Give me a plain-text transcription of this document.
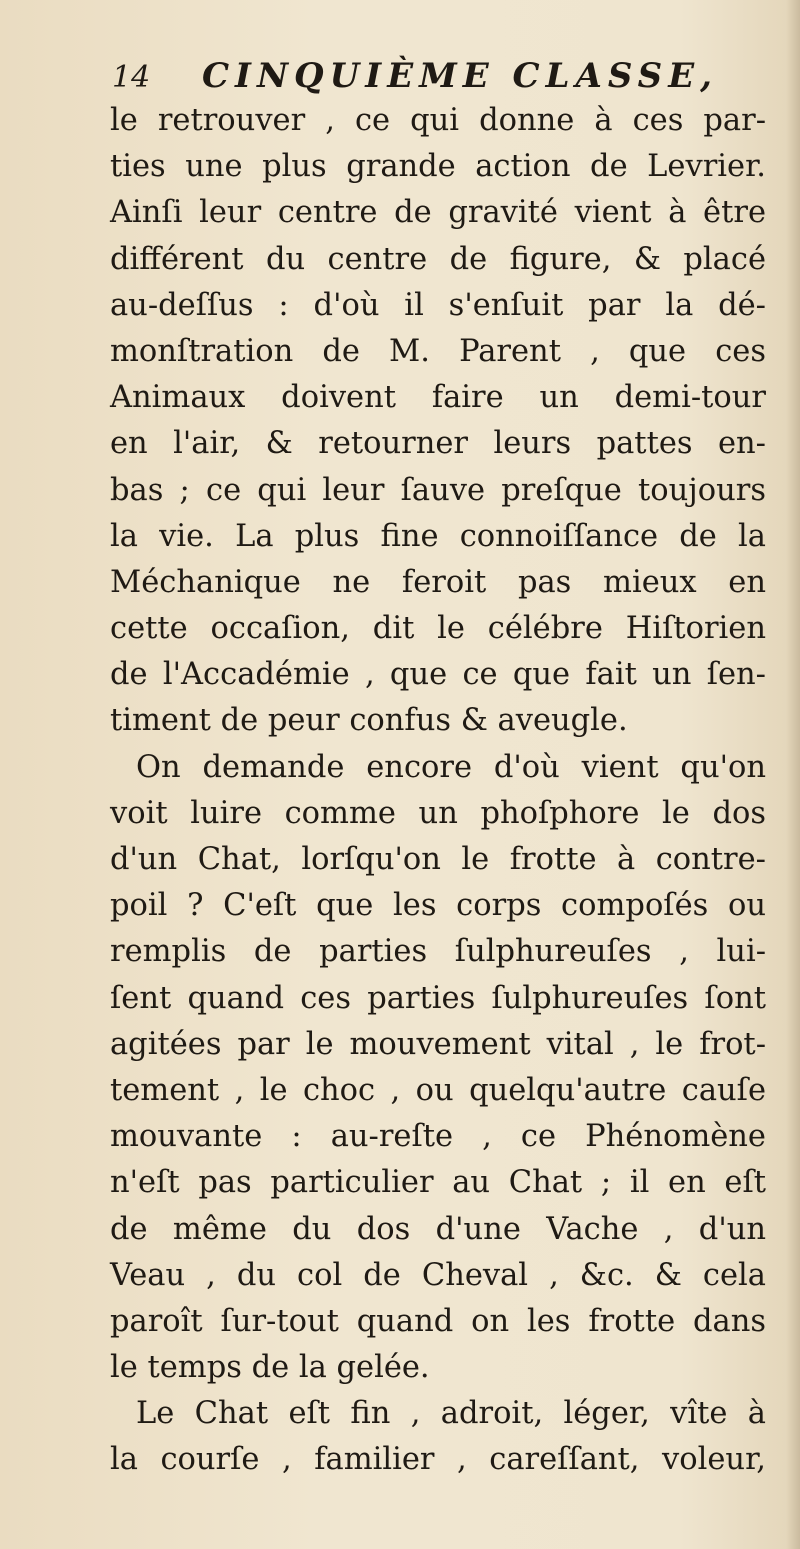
14 CINQUIÈME CLASSE,
le retrouver , ce qui donne à ces par-
ties une plus grande action de Levrier.
Ainſi leur centre de gravité vient à être
différent du centre de figure, & placé
au-deſſus : d'où il s'enſuit par la dé-
monſtration de M. Parent , que ces
Animaux doivent faire un demi-tour
en l'air, & retourner leurs pattes en-
bas ; ce qui leur ſauve preſque toujours
la vie. La plus fine connoiſſance de la
Méchanique ne feroit pas mieux en
cette occaſion, dit le célébre Hiſtorien
de l'Accadémie , que ce que fait un ſen-
timent de peur confus & aveugle.
On demande encore d'où vient qu'on
voit luire comme un phoſphore le dos
d'un Chat, lorſqu'on le frotte à contre-
poil ? C'eſt que les corps compoſés ou
remplis de parties ſulphureuſes , lui-
ſent quand ces parties ſulphureuſes ſont
agitées par le mouvement vital , le frot-
tement , le choc , ou quelqu'autre cauſe
mouvante : au-reſte , ce Phénomène
n'eſt pas particulier au Chat ; il en eſt
de même du dos d'une Vache , d'un
Veau , du col de Cheval , &c. & cela
paroît ſur-tout quand on les frotte dans
le temps de la gelée.
Le Chat eſt fin , adroit, léger, vîte à
la courſe , familier , careſſant, voleur,
